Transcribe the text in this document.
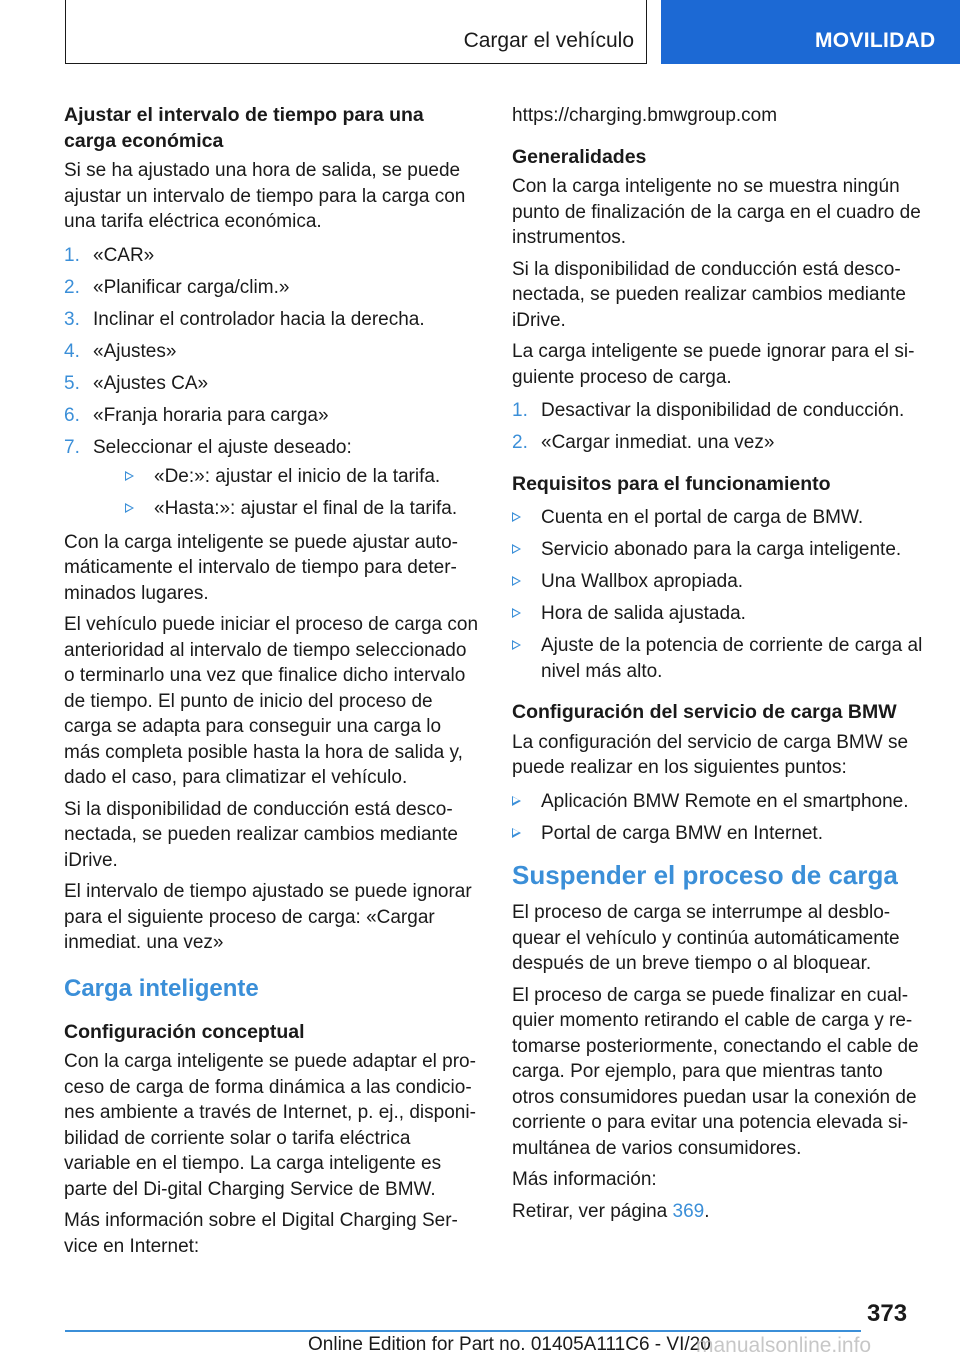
Cargar el vehículo	MOVILIDAD
Ajustar el intervalo de tiempo para una carga económica

Si se ha ajustado una hora de salida, se puede ajustar un intervalo de tiempo para la carga con una tarifa eléctrica económica.

1. «CAR»
2. «Planificar carga/clim.»
3. Inclinar el controlador hacia la derecha.
4. «Ajustes»
5. «Ajustes CA»
6. «Franja horaria para carga»
7. Seleccionar el ajuste deseado:
«De:»: ajustar el inicio de la tarifa.
«Hasta:»: ajustar el final de la tarifa.

Con la carga inteligente se puede ajustar auto-máticamente el intervalo de tiempo para deter-minados lugares.

El vehículo puede iniciar el proceso de carga con anterioridad al intervalo de tiempo seleccionado o terminarlo una vez que finalice dicho intervalo de tiempo. El punto de inicio del proceso de carga se adapta para conseguir una carga lo más completa posible hasta la hora de salida y, dado el caso, para climatizar el vehículo.

Si la disponibilidad de conducción está desco-nectada, se pueden realizar cambios mediante iDrive.

El intervalo de tiempo ajustado se puede ignorar para el siguiente proceso de carga: «Cargar inmediat. una vez»

Carga inteligente
Configuración conceptual

Con la carga inteligente se puede adaptar el pro-ceso de carga de forma dinámica a las condicio-nes ambiente a través de Internet, p. ej., disponi-bilidad de corriente solar o tarifa eléctrica variable en el tiempo. La carga inteligente es parte del Di-gital Charging Service de BMW.

Más información sobre el Digital Charging Ser-vice en Internet:

https://charging.bmwgroup.com

Generalidades

Con la carga inteligente no se muestra ningún punto de finalización de la carga en el cuadro de instrumentos.

Si la disponibilidad de conducción está desco-nectada, se pueden realizar cambios mediante iDrive.

La carga inteligente se puede ignorar para el si-guiente proceso de carga.

1. Desactivar la disponibilidad de conducción.
2. «Cargar inmediat. una vez»
Requisitos para el funcionamiento
Cuenta en el portal de carga de BMW.
Servicio abonado para la carga inteligente.
Una Wallbox apropiada.
Hora de salida ajustada.
Ajuste de la potencia de corriente de carga al nivel más alto.
Configuración del servicio de carga BMW

La configuración del servicio de carga BMW se puede realizar en los siguientes puntos:

Aplicación BMW Remote en el smartphone.
Portal de carga BMW en Internet.
Suspender el proceso de carga

El proceso de carga se interrumpe al desblo-quear el vehículo y continúa automáticamente después de un breve tiempo o al bloquear.

El proceso de carga se puede finalizar en cual-quier momento retirando el cable de carga y re-tomarse posteriormente, conectando el cable de carga. Por ejemplo, para que mientras tanto otros consumidores puedan usar la conexión de corriente o para evitar una potencia elevada si-multánea de varios consumidores.

Más información:

Retirar, ver página 369.

373
Online Edition for Part no. 01405A111C6 - VI/20
manualsonline.info
